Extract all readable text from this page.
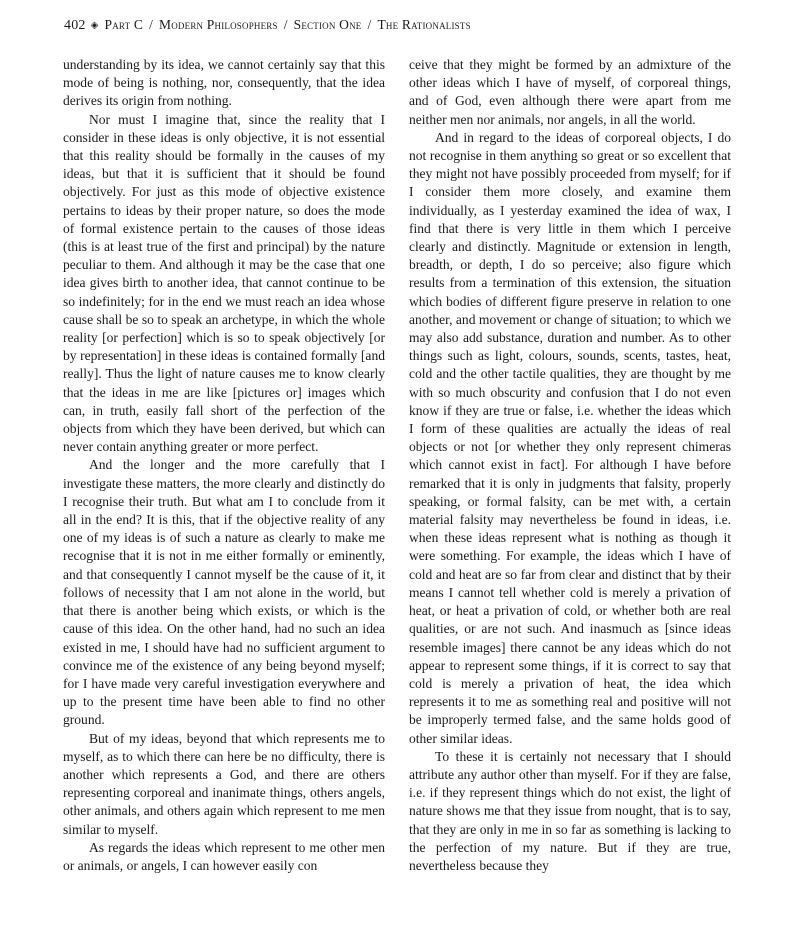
402 ◈ Part C / Modern Philosophers / Section One / The Rationalists

understanding by its idea, we cannot certainly say that this mode of being is nothing, nor, consequently, that the idea derives its origin from nothing.

Nor must I imagine that, since the reality that I consider in these ideas is only objective, it is not essential that this reality should be formally in the causes of my ideas, but that it is sufficient that it should be found objectively. For just as this mode of objective existence pertains to ideas by their proper nature, so does the mode of formal existence pertain to the causes of those ideas (this is at least true of the first and principal) by the nature peculiar to them. And although it may be the case that one idea gives birth to another idea, that cannot continue to be so indefinitely; for in the end we must reach an idea whose cause shall be so to speak an archetype, in which the whole reality [or perfection] which is so to speak objectively [or by representation] in these ideas is contained formally [and really]. Thus the light of nature causes me to know clearly that the ideas in me are like [pictures or] images which can, in truth, easily fall short of the perfection of the objects from which they have been derived, but which can never contain anything greater or more perfect.

And the longer and the more carefully that I investigate these matters, the more clearly and distinctly do I recognise their truth. But what am I to conclude from it all in the end? It is this, that if the objective reality of any one of my ideas is of such a nature as clearly to make me recognise that it is not in me either formally or eminently, and that consequently I cannot myself be the cause of it, it follows of necessity that I am not alone in the world, but that there is another being which exists, or which is the cause of this idea. On the other hand, had no such an idea existed in me, I should have had no sufficient argument to convince me of the existence of any being beyond myself; for I have made very careful investigation everywhere and up to the present time have been able to find no other ground.

But of my ideas, beyond that which represents me to myself, as to which there can here be no difficulty, there is another which represents a God, and there are others representing corporeal and inanimate things, others angels, other animals, and others again which represent to me men similar to myself.

As regards the ideas which represent to me other men or animals, or angels, I can however easily con

ceive that they might be formed by an admixture of the other ideas which I have of myself, of corporeal things, and of God, even although there were apart from me neither men nor animals, nor angels, in all the world.

And in regard to the ideas of corporeal objects, I do not recognise in them anything so great or so excellent that they might not have possibly proceeded from myself; for if I consider them more closely, and examine them individually, as I yesterday examined the idea of wax, I find that there is very little in them which I perceive clearly and distinctly. Magnitude or extension in length, breadth, or depth, I do so perceive; also figure which results from a termination of this extension, the situation which bodies of different figure preserve in relation to one another, and movement or change of situation; to which we may also add substance, duration and number. As to other things such as light, colours, sounds, scents, tastes, heat, cold and the other tactile qualities, they are thought by me with so much obscurity and confusion that I do not even know if they are true or false, i.e. whether the ideas which I form of these qualities are actually the ideas of real objects or not [or whether they only represent chimeras which cannot exist in fact]. For although I have before remarked that it is only in judgments that falsity, properly speaking, or formal falsity, can be met with, a certain material falsity may nevertheless be found in ideas, i.e. when these ideas represent what is nothing as though it were something. For example, the ideas which I have of cold and heat are so far from clear and distinct that by their means I cannot tell whether cold is merely a privation of heat, or heat a privation of cold, or whether both are real qualities, or are not such. And inasmuch as [since ideas resemble images] there cannot be any ideas which do not appear to represent some things, if it is correct to say that cold is merely a privation of heat, the idea which represents it to me as something real and positive will not be improperly termed false, and the same holds good of other similar ideas.

To these it is certainly not necessary that I should attribute any author other than myself. For if they are false, i.e. if they represent things which do not exist, the light of nature shows me that they issue from nought, that is to say, that they are only in me in so far as something is lacking to the perfection of my nature. But if they are true, nevertheless because they
